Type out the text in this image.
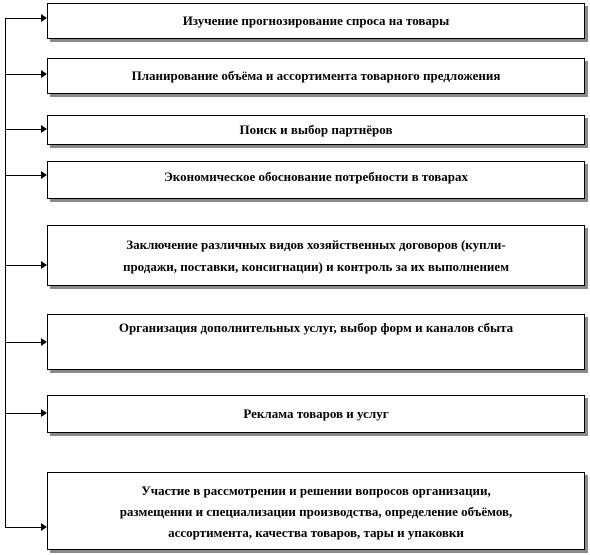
Изучение прогнозирование спроса на товары
Планирование объёма и ассортимента товарного предложения
Поиск и выбор партнёров
Экономическое обоснование потребности в товарах
Заключение различных видов хозяйственных договоров (купли-
продажи, поставки, консигнации) и контроль за их выполнением
Организация дополнительных услуг, выбор форм и каналов сбыта
Реклама товаров и услуг
Участие в рассмотрении и решении вопросов организации,
размещении и специализации производства, определение объёмов,
ассортимента, качества товаров, тары и упаковки
